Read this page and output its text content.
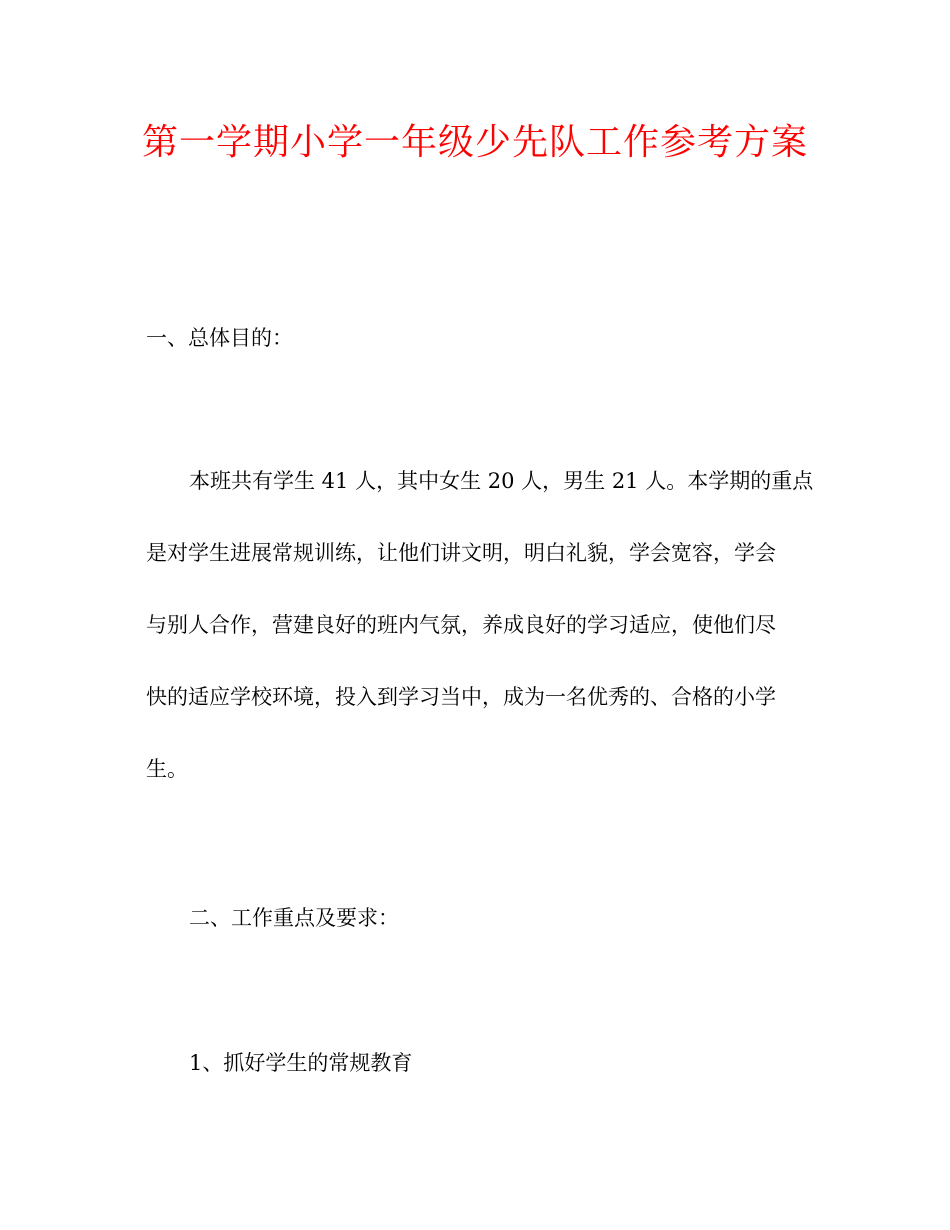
第一学期小学一年级少先队工作参考方案

一、总体目的：

本班共有学生 41 人，其中女生 20 人，男生 21 人。本学期的重点
是对学生进展常规训练，让他们讲文明，明白礼貌，学会宽容，学会
与别人合作，营建良好的班内气氛，养成良好的学习适应，使他们尽
快的适应学校环境，投入到学习当中，成为一名优秀的、合格的小学
生。

二、工作重点及要求：

1、抓好学生的常规教育
